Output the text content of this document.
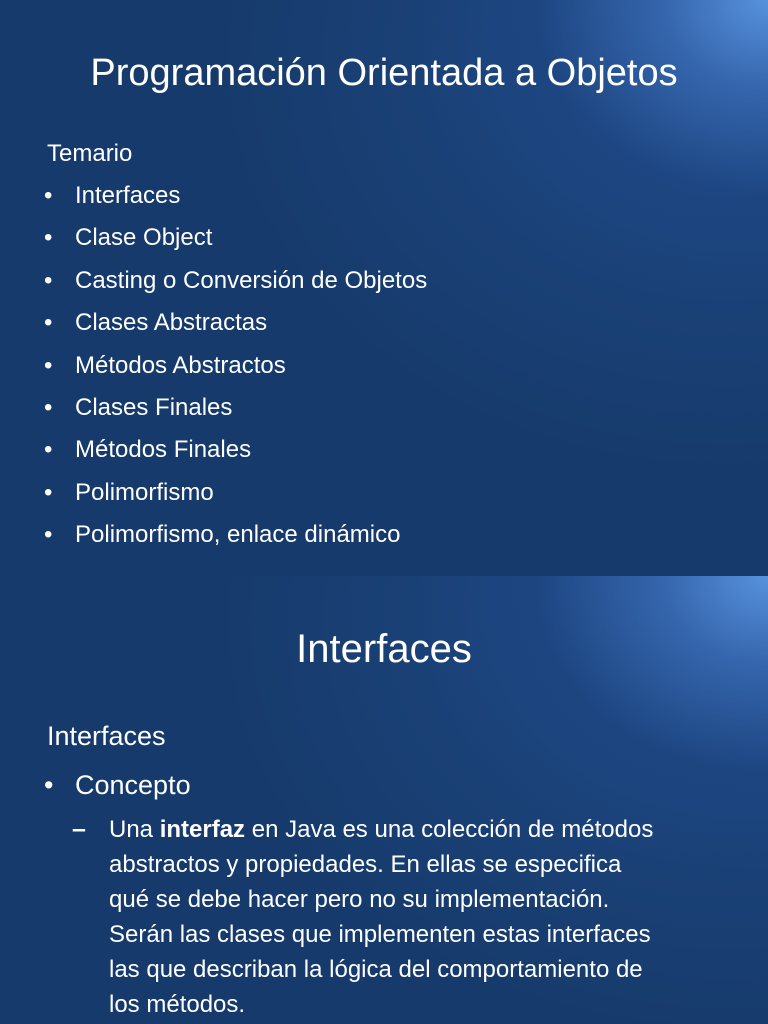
Programación Orientada a Objetos
Temario
• Interfaces
• Clase Object
• Casting o Conversión de Objetos
• Clases Abstractas
• Métodos Abstractos
• Clases Finales
• Métodos Finales
• Polimorfismo
• Polimorfismo, enlace dinámico
Interfaces
Interfaces
• Concepto
– Una interfaz en Java es una colección de métodos
abstractos y propiedades. En ellas se especifica
qué se debe hacer pero no su implementación.
Serán las clases que implementen estas interfaces
las que describan la lógica del comportamiento de
los métodos.
